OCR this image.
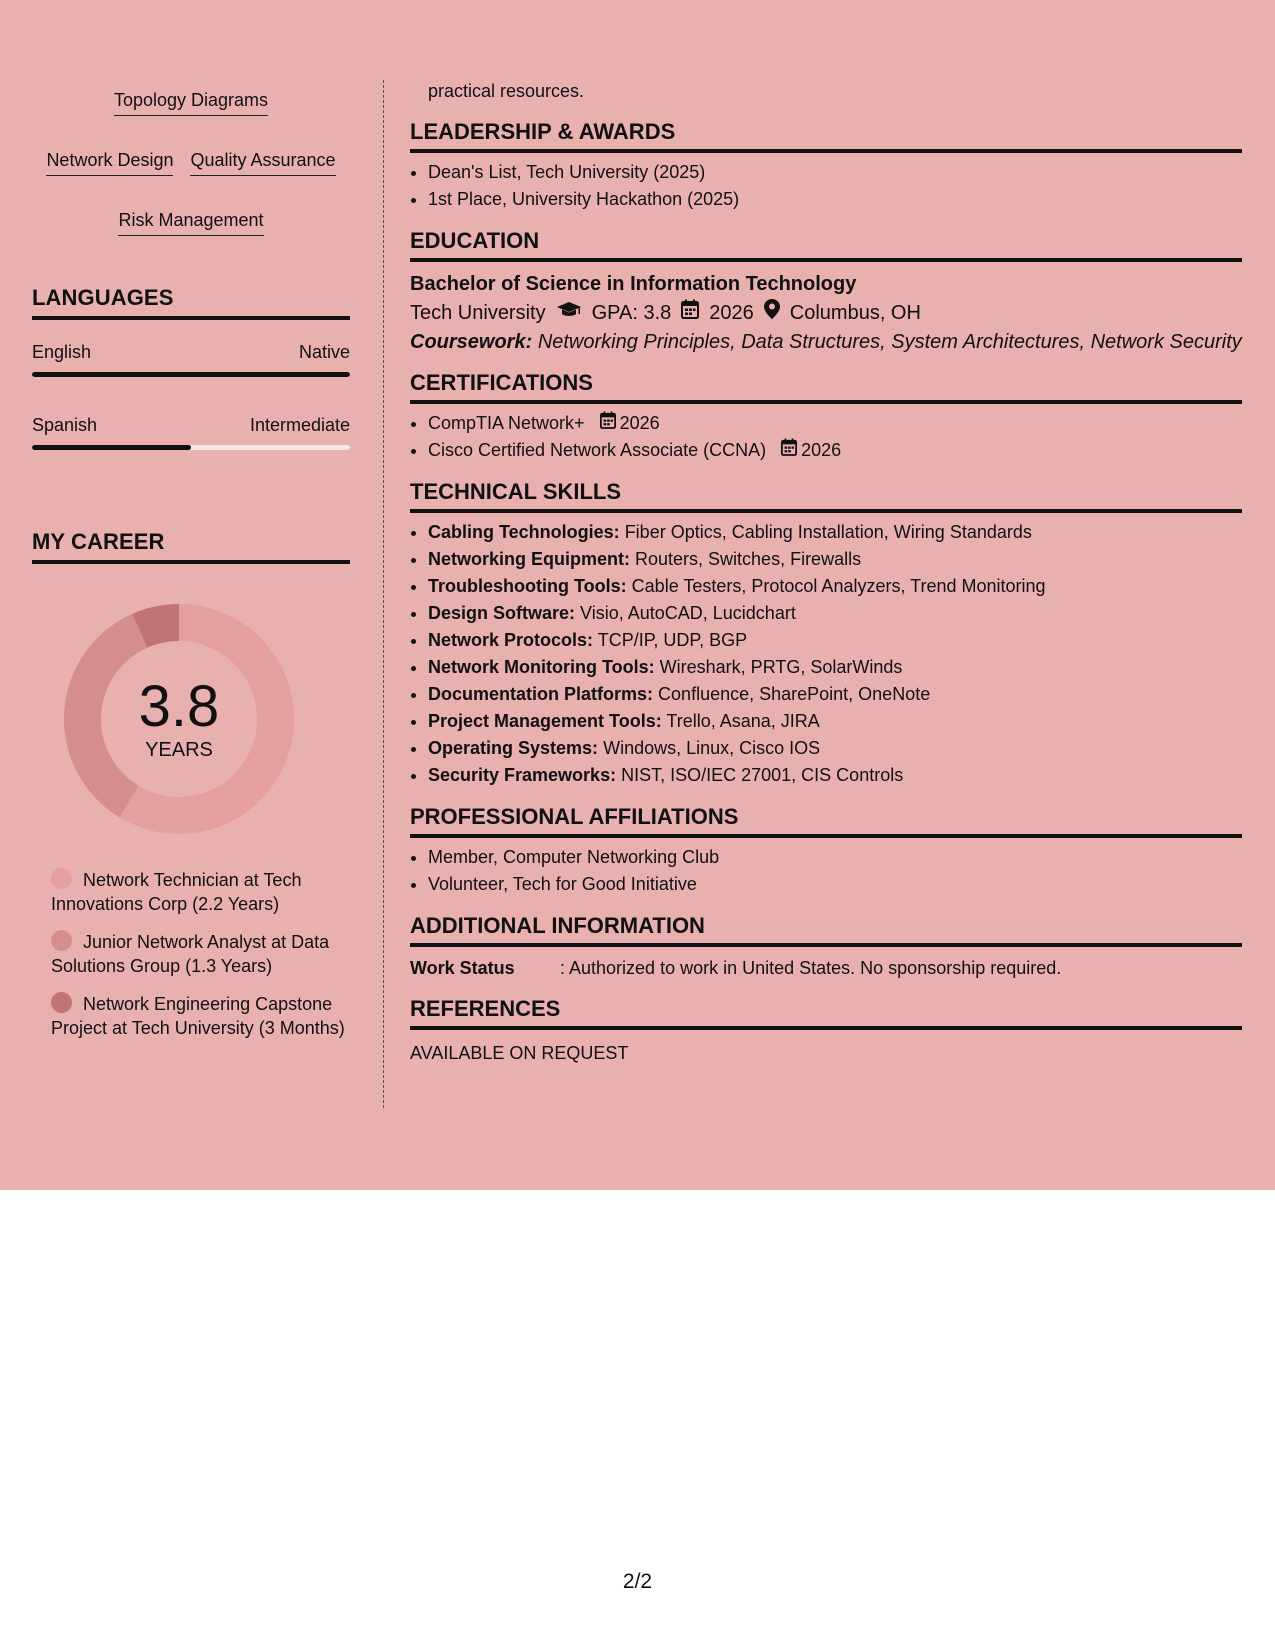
Topology Diagrams
Network Design Quality Assurance
Risk Management
LANGUAGES
English	Native
Spanish	Intermediate
MY CAREER
3.8
YEARS
Network Technician at Tech Innovations Corp (2.2 Years)
Junior Network Analyst at Data Solutions Group (1.3 Years)
Network Engineering Capstone Project at Tech University (3 Months)
practical resources.
LEADERSHIP & AWARDS
• Dean's List, Tech University (2025)
• 1st Place, University Hackathon (2025)
EDUCATION
Bachelor of Science in Information Technology
Tech University GPA: 3.8 2026 Columbus, OH
Coursework: Networking Principles, Data Structures, System Architectures, Network Security
CERTIFICATIONS
• CompTIA Network+ 2026
• Cisco Certified Network Associate (CCNA) 2026
TECHNICAL SKILLS
• Cabling Technologies: Fiber Optics, Cabling Installation, Wiring Standards
• Networking Equipment: Routers, Switches, Firewalls
• Troubleshooting Tools: Cable Testers, Protocol Analyzers, Trend Monitoring
• Design Software: Visio, AutoCAD, Lucidchart
• Network Protocols: TCP/IP, UDP, BGP
• Network Monitoring Tools: Wireshark, PRTG, SolarWinds
• Documentation Platforms: Confluence, SharePoint, OneNote
• Project Management Tools: Trello, Asana, JIRA
• Operating Systems: Windows, Linux, Cisco IOS
• Security Frameworks: NIST, ISO/IEC 27001, CIS Controls
PROFESSIONAL AFFILIATIONS
• Member, Computer Networking Club
• Volunteer, Tech for Good Initiative
ADDITIONAL INFORMATION
Work Status	: Authorized to work in United States. No sponsorship required.
REFERENCES
AVAILABLE ON REQUEST
2/2
